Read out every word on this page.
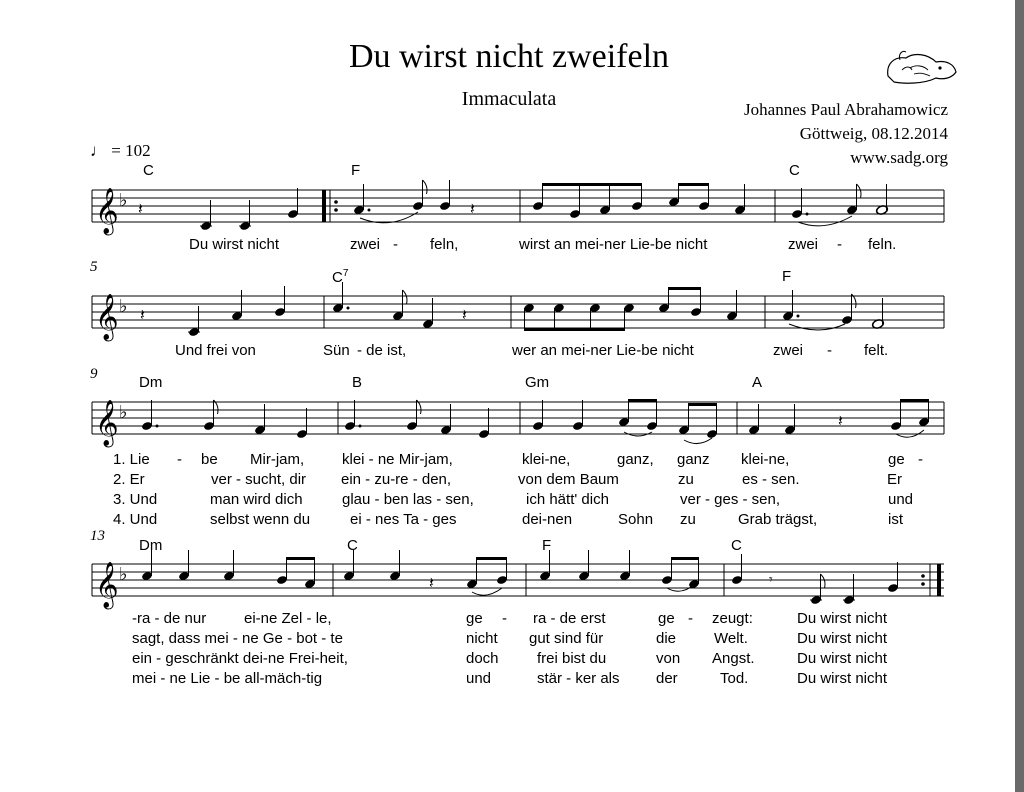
Du wirst nicht zweifeln
Immaculata	Johannes Paul Abrahamowicz
Göttweig, 08.12.2014
www.sadg.org
♩ = 102
C	F	C
$C^7$	F
Dm	B	Gm	A
Dm	C	F	C
5
9
13
𝄞 ♭ 𝄽	𝄽
𝄞 ♭ 𝄽	𝄽
𝄞 ♭	𝄽
𝄞 ♭	𝄽	𝄾
Du wirst nicht	zwei - feln,	wirst an mei-ner Lie-be nicht	zwei - feln.
Und frei von	Sün - de ist,	wer an mei-ner Lie-be nicht	zwei - felt.
1. Lie - be Mir-jam,	klei - ne Mir-jam,	klei-ne,	ganz, ganz klei-ne,	ge -
2. Er	ver - sucht, dir ein - zu-re - den,	von dem Baum	zu	es - sen.	Er
3. Und	man wird dich	glau - ben las - sen,	ich hätt' dich	ver - ges - sen,	und
4. Und	selbst wenn du	ei - nes Ta - ges	dei-nen	Sohn zu	Grab trägst,	ist
-ra - de nur	ei-ne Zel - le,	ge - ra - de erst	ge - zeugt:	Du wirst nicht
sagt, dass mei - ne Ge - bot - te	nicht gut sind für	die	Welt.	Du wirst nicht
ein - geschränkt dei-ne Frei-heit,	doch	frei bist du	von Angst.	Du wirst nicht
mei - ne Lie - be all-mäch-tig	und	stär - ker als der	Tod.	Du wirst nicht
